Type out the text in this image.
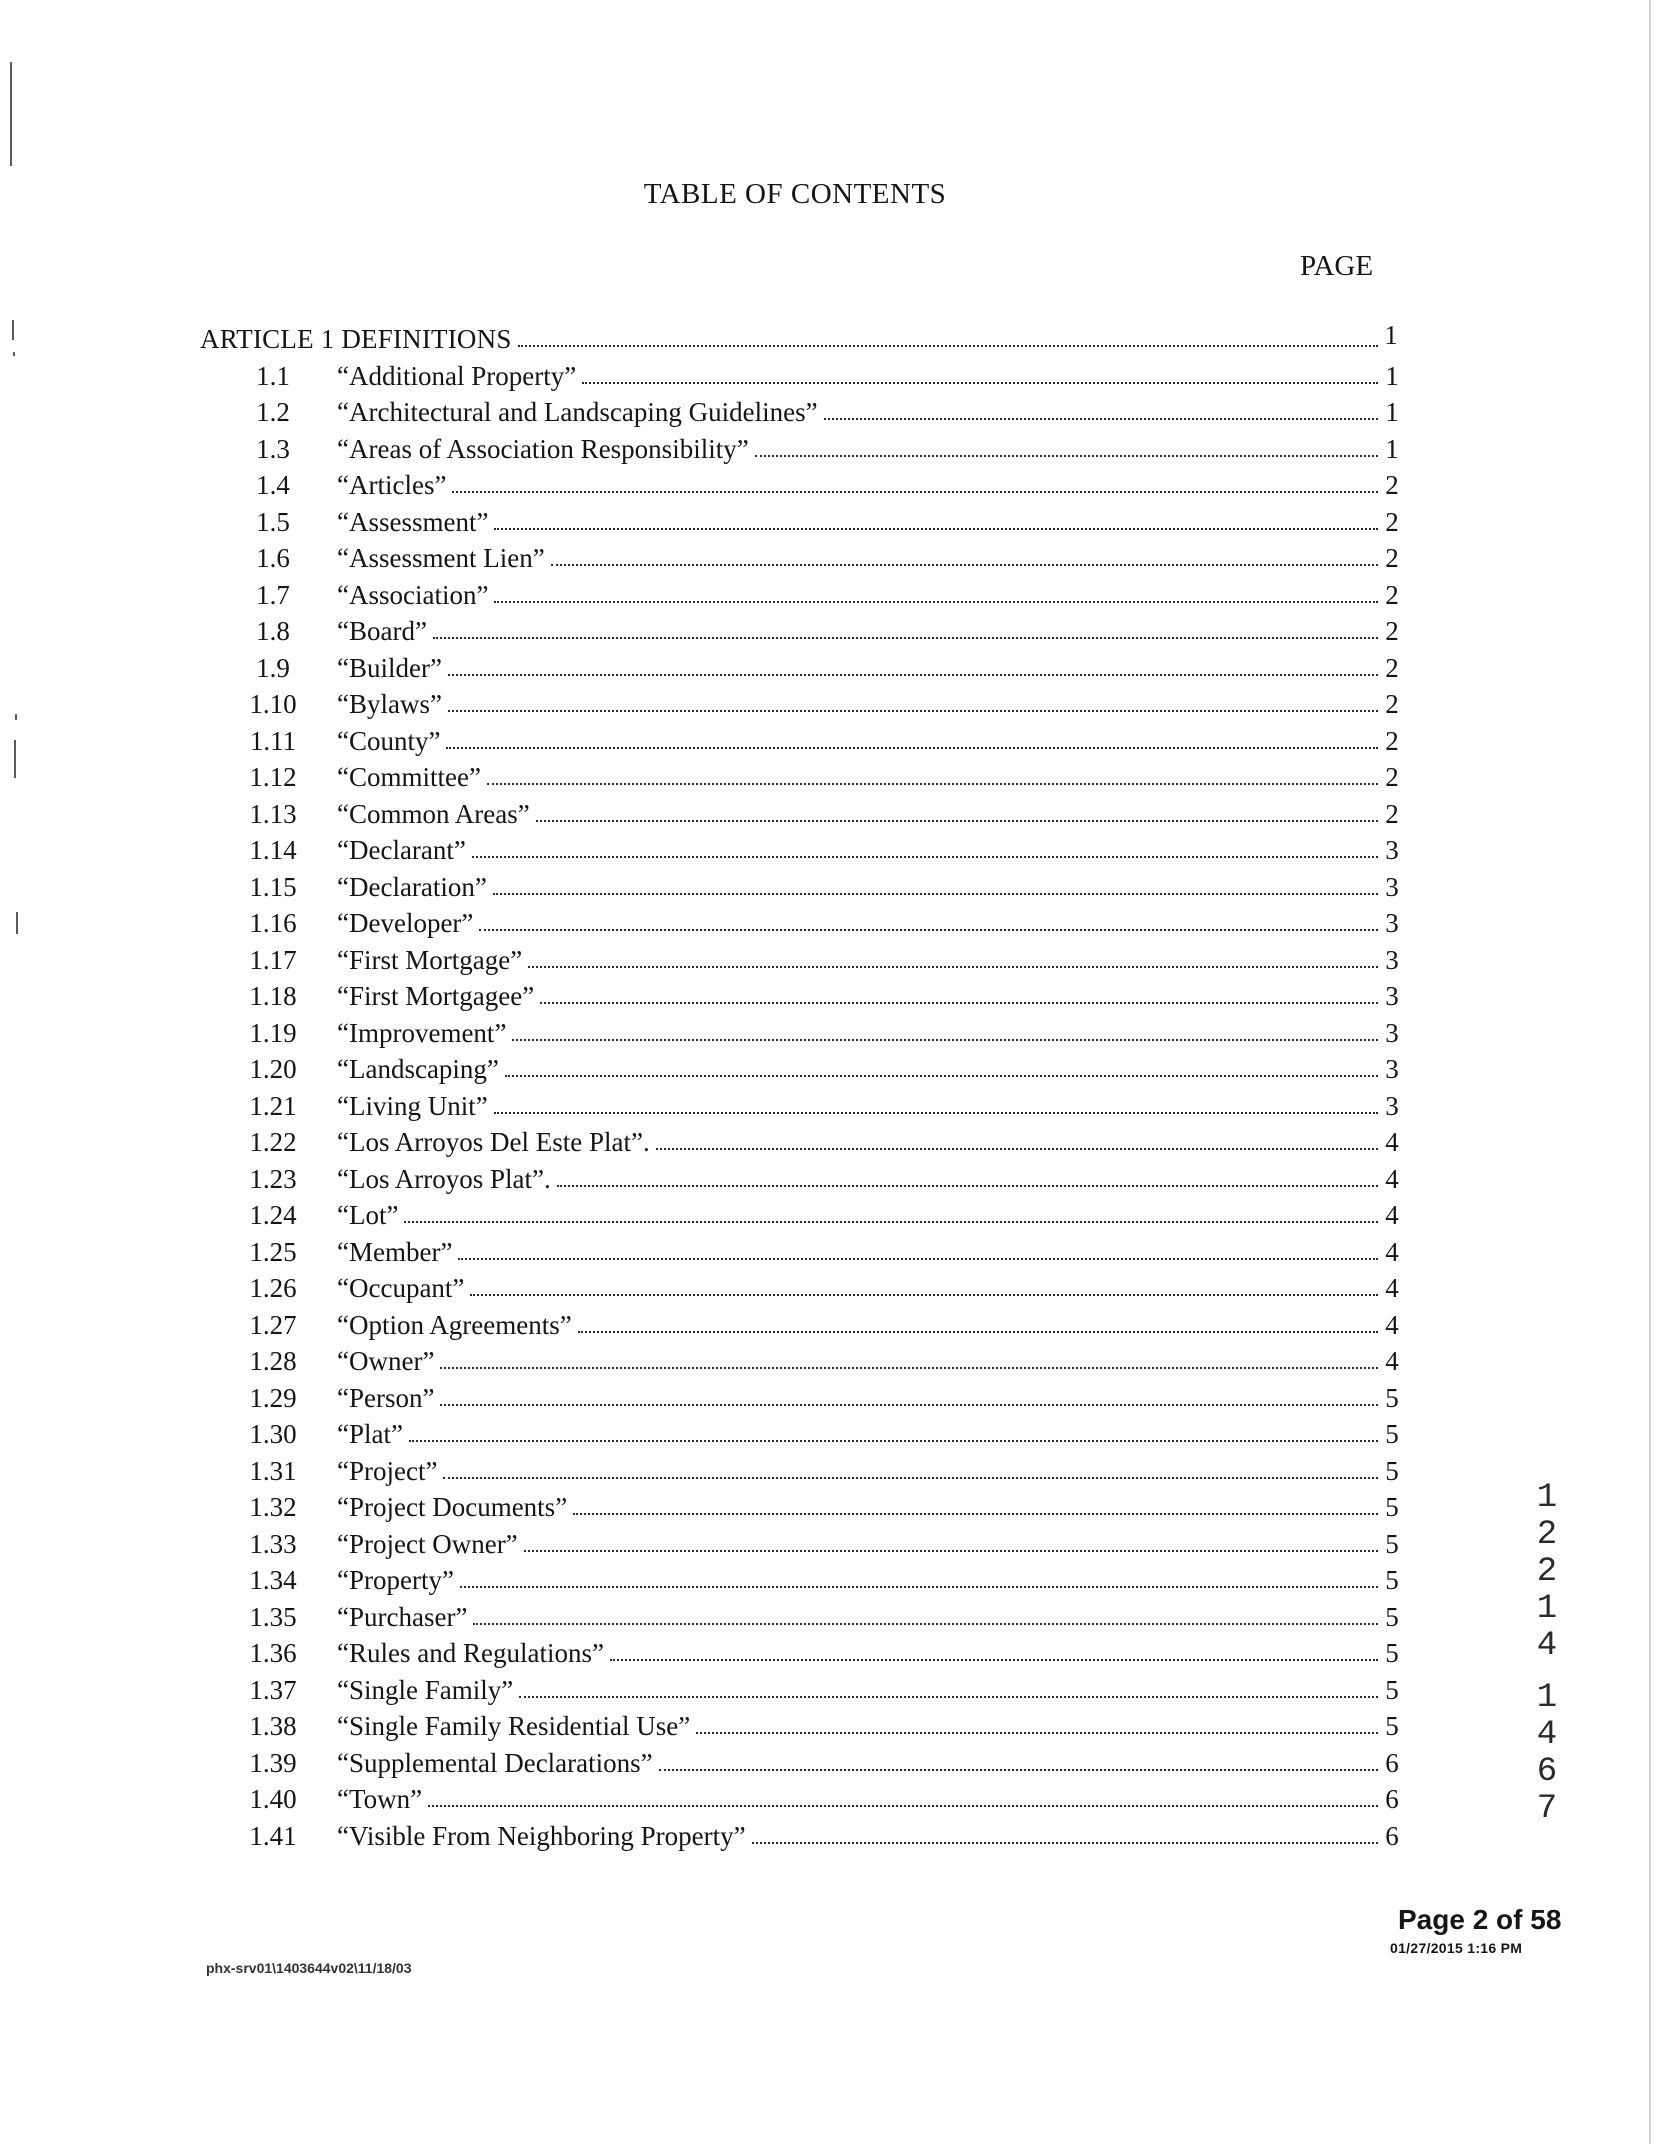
TABLE OF CONTENTS
PAGE
ARTICLE 1 DEFINITIONS	1
1.1	“Additional Property”	1
1.2	“Architectural and Landscaping Guidelines”	1
1.3	“Areas of Association Responsibility”	1
1.4	“Articles”	2
1.5	“Assessment”	2
1.6	“Assessment Lien”	2
1.7	“Association”	2
1.8	“Board”	2
1.9	“Builder”	2
1.10	“Bylaws”	2
1.11	“County”	2
1.12	“Committee”	2
1.13	“Common Areas”	2
1.14	“Declarant”	3
1.15	“Declaration”	3
1.16	“Developer”	3
1.17	“First Mortgage”	3
1.18	“First Mortgagee”	3
1.19	“Improvement”	3
1.20	“Landscaping”	3
1.21	“Living Unit”	3
1.22	“Los Arroyos Del Este Plat”.	4
1.23	“Los Arroyos Plat”.	4
1.24	“Lot”	4
1.25	“Member”	4
1.26	“Occupant”	4
1.27	“Option Agreements”	4
1.28	“Owner”	4
1.29	“Person”	5
1.30	“Plat”	5
1.31	“Project”	5
1.32	“Project Documents”	5
1.33	“Project Owner”	5
1.34	“Property”	5
1.35	“Purchaser”	5
1.36	“Rules and Regulations”	5
1.37	“Single Family”	5
1.38	“Single Family Residential Use”	5
1.39	“Supplemental Declarations”	6
1.40	“Town”	6
1.41	“Visible From Neighboring Property”	6
1
2
2
1
4
1
4
6
7
Page 2 of 58
01/27/2015 1:16 PM
phx-srv01\1403644v02\11/18/03
